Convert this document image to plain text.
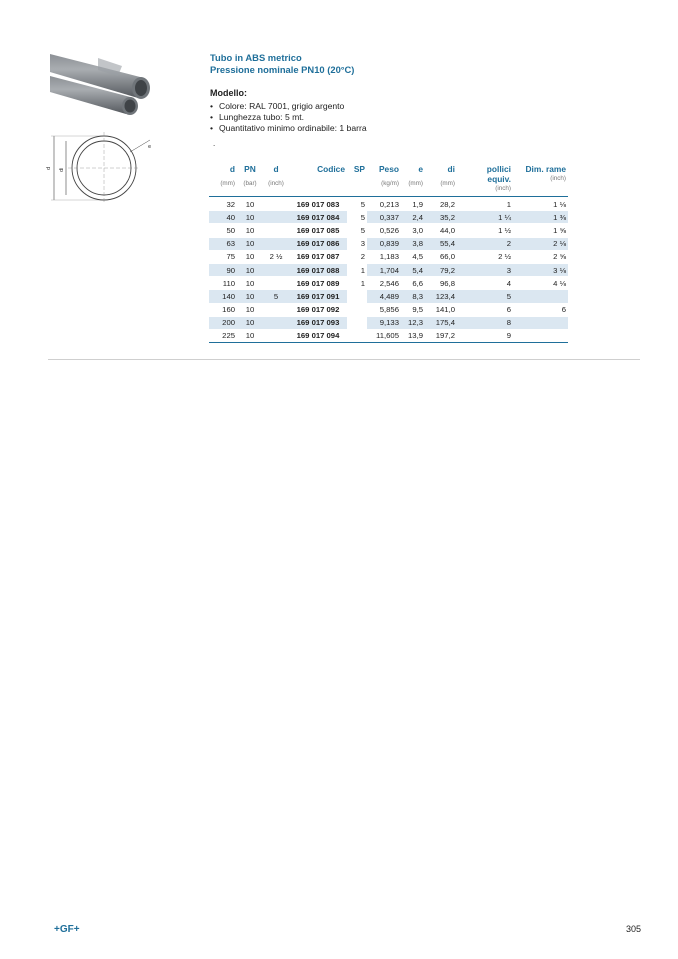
d di
e
Tubo in ABS metrico
Pressione nominale PN10 (20°C)
Modello:
• Colore: RAL 7001, grigio argento
• Lunghezza tubo: 5 mt.
• Quantitativo minimo ordinabile: 1 barra
.
d	PN	d	Codice	SP	Peso	e	di	pollici	Dim. rame
(mm)	(bar)	(inch)			(kg/m)	(mm)	(mm)	equiv.
(inch)	(inch)

32	10		169 017 083	5	0,213	1,9	28,2	1	1 ⅛
40	10		169 017 084	5	0,337	2,4	35,2	1 ¼	1 ⅜
50	10		169 017 085	5	0,526	3,0	44,0	1 ½	1 ⅝
63	10		169 017 086	3	0,839	3,8	55,4	2	2 ⅛
75	10	2 ½	169 017 087	2	1,183	4,5	66,0	2 ½	2 ⅝
90	10		169 017 088	1	1,704	5,4	79,2	3	3 ⅛
110	10		169 017 089	1	2,546	6,6	96,8	4	4 ⅛
140	10	5	169 017 091		4,489	8,3	123,4	5	
160	10		169 017 092		5,856	9,5	141,0	6	6
200	10		169 017 093		9,133	12,3	175,4	8	
225	10		169 017 094		11,605	13,9	197,2	9	
+GF+	305
